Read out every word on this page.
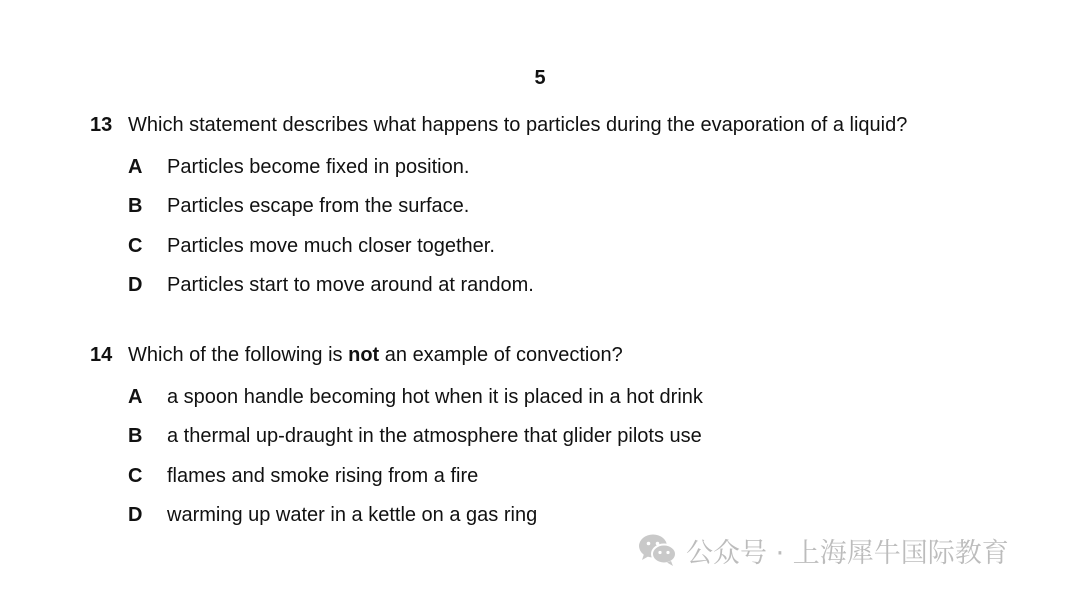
5
13 Which statement describes what happens to particles during the evaporation of a liquid?
A Particles become fixed in position.
B Particles escape from the surface.
C Particles move much closer together.
D Particles start to move around at random.
14 Which of the following is not an example of convection?
A a spoon handle becoming hot when it is placed in a hot drink
B a thermal up-draught in the atmosphere that glider pilots use
C flames and smoke rising from a fire
D warming up water in a kettle on a gas ring
公众号 · 上海犀牛国际教育
